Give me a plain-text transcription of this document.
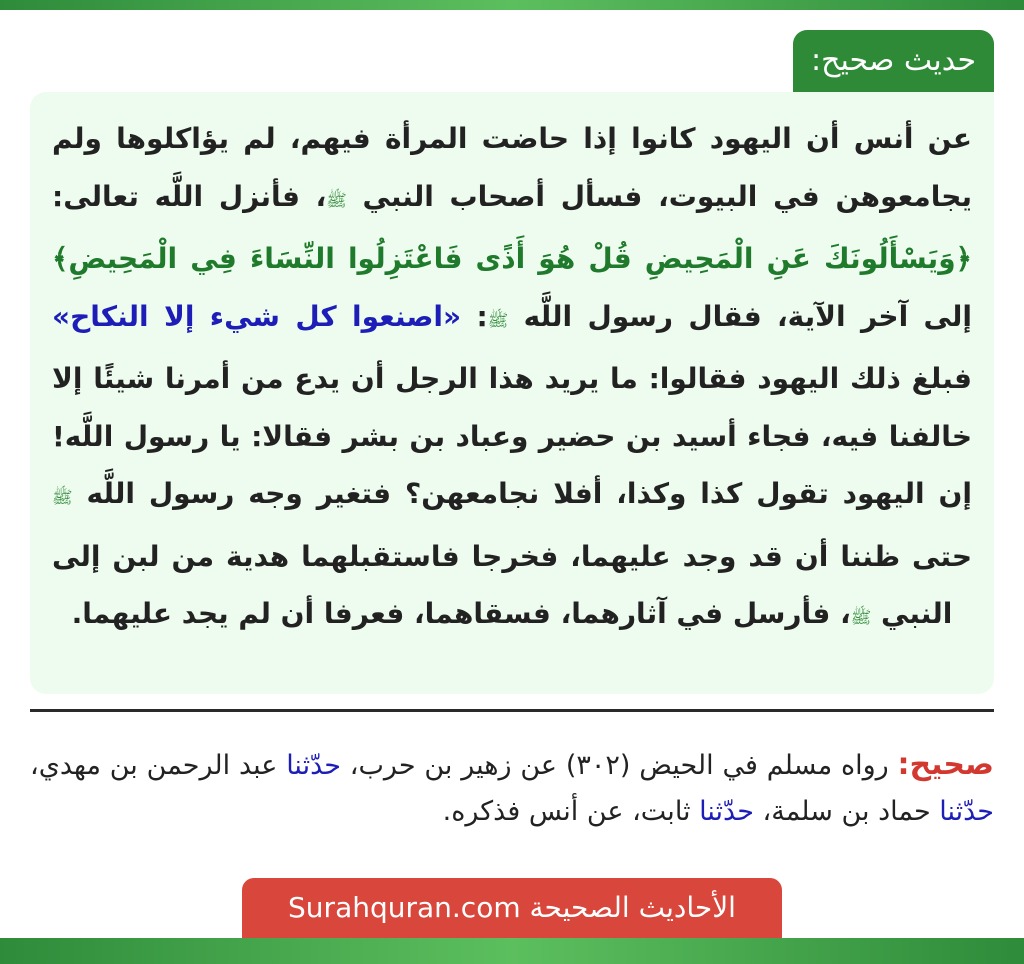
حديث صحيح:

عن أنس أن اليهود كانوا إذا حاضت المرأة فيهم، لم يؤاكلوها ولم يجامعوهن في البيوت، فسأل أصحاب النبي ﷺ، فأنزل اللَّه تعالى: ﴿وَيَسْأَلُونَكَ عَنِ الْمَحِيضِ قُلْ هُوَ أَذًى فَاعْتَزِلُوا النِّسَاءَ فِي الْمَحِيضِ﴾ إلى آخر الآية، فقال رسول اللَّه ﷺ: «اصنعوا كل شيء إلا النكاح» فبلغ ذلك اليهود فقالوا: ما يريد هذا الرجل أن يدع من أمرنا شيئًا إلا خالفنا فيه، فجاء أسيد بن حضير وعباد بن بشر فقالا: يا رسول اللَّه! إن اليهود تقول كذا وكذا، أفلا نجامعهن؟ فتغير وجه رسول اللَّه ﷺ حتى ظننا أن قد وجد عليهما، فخرجا فاستقبلهما هدية من لبن إلى النبي ﷺ، فأرسل في آثارهما، فسقاهما، فعرفا أن لم يجد عليهما.

صحيح: رواه مسلم في الحيض (٣٠٢) عن زهير بن حرب، حدّثنا عبد الرحمن بن مهدي، حدّثنا حماد بن سلمة، حدّثنا ثابت، عن أنس فذكره.

الأحاديث الصحيحة Surahquran.com
